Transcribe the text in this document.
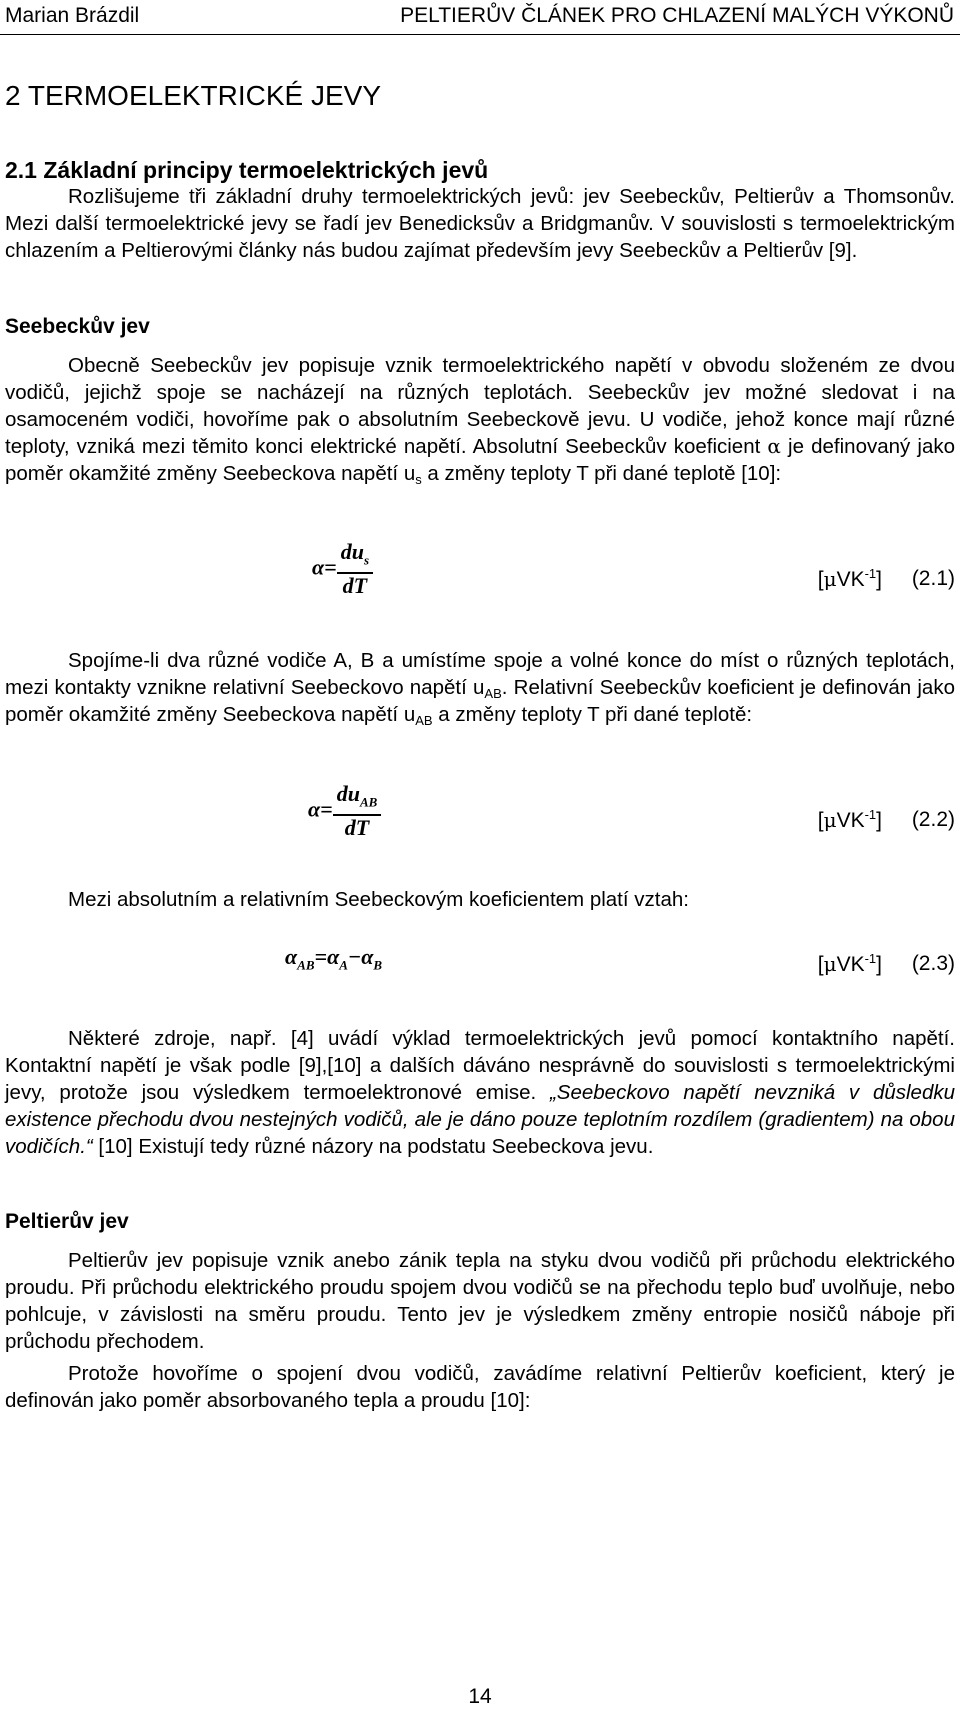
Marian Brázdil	PELTIERŮV ČLÁNEK PRO CHLAZENÍ MALÝCH VÝKONŮ
2 TERMOELEKTRICKÉ JEVY
2.1 Základní principy termoelektrických jevů

Rozlišujeme tři základní druhy termoelektrických jevů: jev Seebeckův, Peltierův a Thomsonův. Mezi další termoelektrické jevy se řadí jev Benedicksův a Bridgmanův. V souvislosti s termoelektrickým chlazením a Peltierovými články nás budou zajímat především jevy Seebeckův a Peltierův [9].

Seebeckův jev

Obecně Seebeckův jev popisuje vznik termoelektrického napětí v obvodu složeném ze dvou vodičů, jejichž spoje se nacházejí na různých teplotách. Seebeckův jev možné sledovat i na osamoceném vodiči, hovoříme pak o absolutním Seebeckově jevu. U vodiče, jehož konce mají různé teploty, vzniká mezi těmito konci elektrické napětí. Absolutní Seebeckův koeficient α je definovaný jako poměr okamžité změny Seebeckova napětí $u_s$ a změny teploty T při dané teplotě [10]:

$\alpha= \frac{du_s}{dT}$	[μVK$^{-1}$] (2.1)

Spojíme-li dva různé vodiče A, B a umístíme spoje a volné konce do míst o různých teplotách, mezi kontakty vznikne relativní Seebeckovo napětí $u_{AB}$. Relativní Seebeckův koeficient je definován jako poměr okamžité změny Seebeckova napětí $u_{AB}$ a změny teploty T při dané teplotě:

$\alpha= \frac{du_{AB}}{dT}$	[μVK$^{-1}$] (2.2)

Mezi absolutním a relativním Seebeckovým koeficientem platí vztah:

$\alpha_{AB}=\alpha_A-\alpha_B$	[μVK$^{-1}$] (2.3)

Některé zdroje, např. [4] uvádí výklad termoelektrických jevů pomocí kontaktního napětí. Kontaktní napětí je však podle [9],[10] a dalších dáváno nesprávně do souvislosti s termoelektrickými jevy, protože jsou výsledkem termoelektronové emise. „Seebeckovo napětí nevzniká v důsledku existence přechodu dvou nestejných vodičů, ale je dáno pouze teplotním rozdílem (gradientem) na obou vodičích.“ [10] Existují tedy různé názory na podstatu Seebeckova jevu.

Peltierův jev

Peltierův jev popisuje vznik anebo zánik tepla na styku dvou vodičů při průchodu elektrického proudu. Při průchodu elektrického proudu spojem dvou vodičů se na přechodu teplo buď uvolňuje, nebo pohlcuje, v závislosti na směru proudu. Tento jev je výsledkem změny entropie nosičů náboje při průchodu přechodem.

Protože hovoříme o spojení dvou vodičů, zavádíme relativní Peltierův koeficient, který je definován jako poměr absorbovaného tepla a proudu [10]:

14
